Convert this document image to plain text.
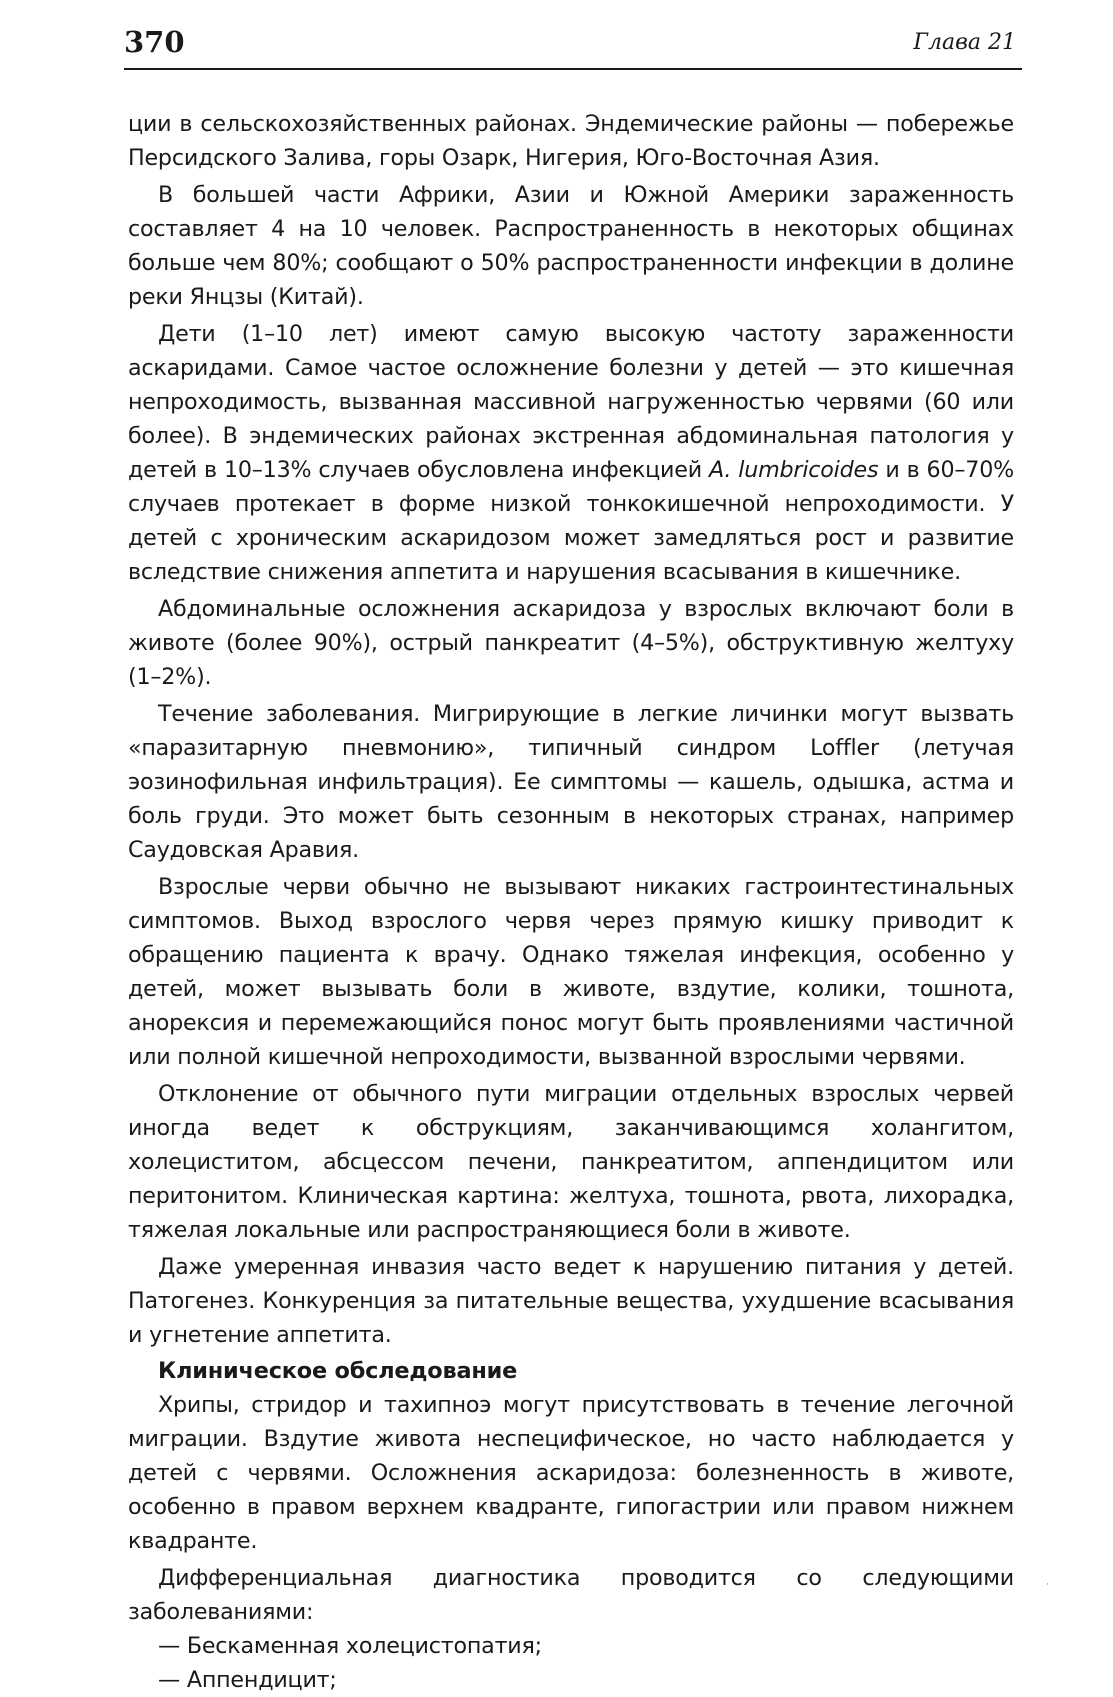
370	Глава 21

ции в сельскохозяйственных районах. Эндемические районы — побережье Персидского Залива, горы Озарк, Нигерия, Юго-Восточная Азия.

В большей части Африки, Азии и Южной Америки зараженность составляет 4 на 10 человек. Распространенность в некоторых общинах больше чем 80%; сообщают о 50% распространенности инфекции в долине реки Янцзы (Китай).

Дети (1–10 лет) имеют самую высокую частоту зараженности аскаридами. Самое частое осложнение болезни у детей — это кишечная непроходимость, вызванная массивной нагруженностью червями (60 или более). В эндемических районах экстренная абдоминальная патология у детей в 10–13% случаев обусловлена инфекцией A. lumbricoides и в 60–70% случаев протекает в форме низкой тонкокишечной непроходимости. У детей с хроническим аскаридозом может замедляться рост и развитие вследствие снижения аппетита и нарушения всасывания в кишечнике.

Абдоминальные осложнения аскаридоза у взрослых включают боли в животе (более 90%), острый панкреатит (4–5%), обструктивную желтуху (1–2%).

Течение заболевания. Мигрирующие в легкие личинки могут вызвать «паразитарную пневмонию», типичный синдром Loffler (летучая эозинофильная инфильтрация). Ее симптомы — кашель, одышка, астма и боль груди. Это может быть сезонным в некоторых странах, например Саудовская Аравия.

Взрослые черви обычно не вызывают никаких гастроинтестинальных симптомов. Выход взрослого червя через прямую кишку приводит к обращению пациента к врачу. Однако тяжелая инфекция, особенно у детей, может вызывать боли в животе, вздутие, колики, тошнота, анорексия и перемежающийся понос могут быть проявлениями частичной или полной кишечной непроходимости, вызванной взрослыми червями.

Отклонение от обычного пути миграции отдельных взрослых червей иногда ведет к обструкциям, заканчивающимся холангитом, холециститом, абсцессом печени, панкреатитом, аппендицитом или перитонитом. Клиническая картина: желтуха, тошнота, рвота, лихорадка, тяжелая локальные или распространяющиеся боли в животе.

Даже умеренная инвазия часто ведет к нарушению питания у детей. Патогенез. Конкуренция за питательные вещества, ухудшение всасывания и угнетение аппетита.

Клиническое обследование

Хрипы, стридор и тахипноэ могут присутствовать в течение легочной миграции. Вздутие живота неспецифическое, но часто наблюдается у детей с червями. Осложнения аскаридоза: болезненность в животе, особенно в правом верхнем квадранте, гипогастрии или правом нижнем квадранте.

Дифференциальная диагностика проводится со следующими заболеваниями:

— Бескаменная холецистопатия;
— Аппендицит;
·
